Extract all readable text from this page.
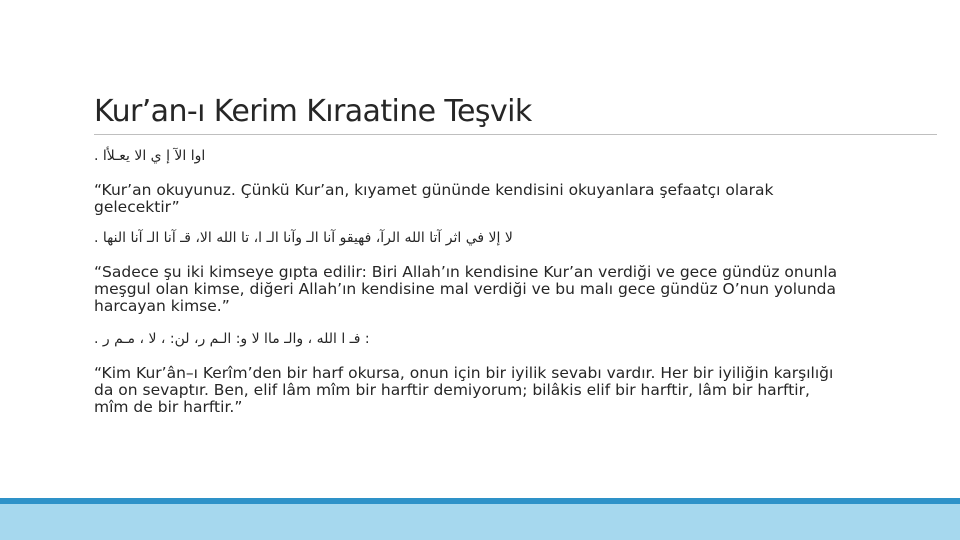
Kur’an-ı Kerim Kıraatine Teşvik

اوا الآ إ ي الا يعـلأا .

“Kur’an okuyunuz. Çünkü Kur’an, kıyamet gününde kendisini okuyanlara şefaatçı olarak
gelecektir”

لا إلا في اثر آتا الله الرآ، فهيقو آنا الـ وآنا الـ ا، تا الله الا، قـ آنا الـ آنا النها .

“Sadece şu iki kimseye gıpta edilir: Biri Allah’ın kendisine Kur’an verdiği ve gece gündüz onunla
meşgul olan kimse, diğeri Allah’ın kendisine mal verdiği ve bu malı gece gündüz O’nun yolunda
harcayan kimse.”

: فـ ا الله ، والـ ماا لا و: الـم ر، لن: ، لا ، مـم ر .

“Kim Kur’ân–ı Kerîm’den bir harf okursa, onun için bir iyilik sevabı vardır. Her bir iyiliğin karşılığı
da on sevaptır. Ben, elif lâm mîm bir harftir demiyorum; bilâkis elif bir harftir, lâm bir harftir,
mîm de bir harftir.”
